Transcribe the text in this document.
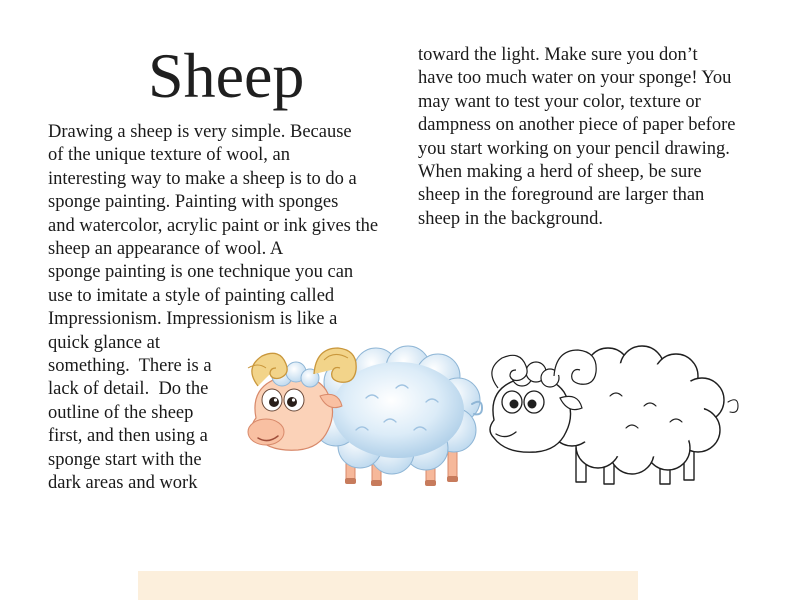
Sheep

Drawing a sheep is very simple. Because

of the unique texture of wool, an

interesting way to make a sheep is to do a

sponge painting. Painting with sponges

and watercolor, acrylic paint or ink gives the

sheep an appearance of wool. A

sponge painting is one technique you can

use to imitate a style of painting called

Impressionism. Impressionism is like a

quick glance at

something.  There is a

lack of detail.  Do the

outline of the sheep

first, and then using a

sponge start with the

dark areas and work

toward the light. Make sure you don’t

have too much water on your sponge! You

may want to test your color, texture or

dampness on another piece of paper before

you start working on your pencil drawing.

When making a herd of sheep, be sure

sheep in the foreground are larger than

sheep in the background.
